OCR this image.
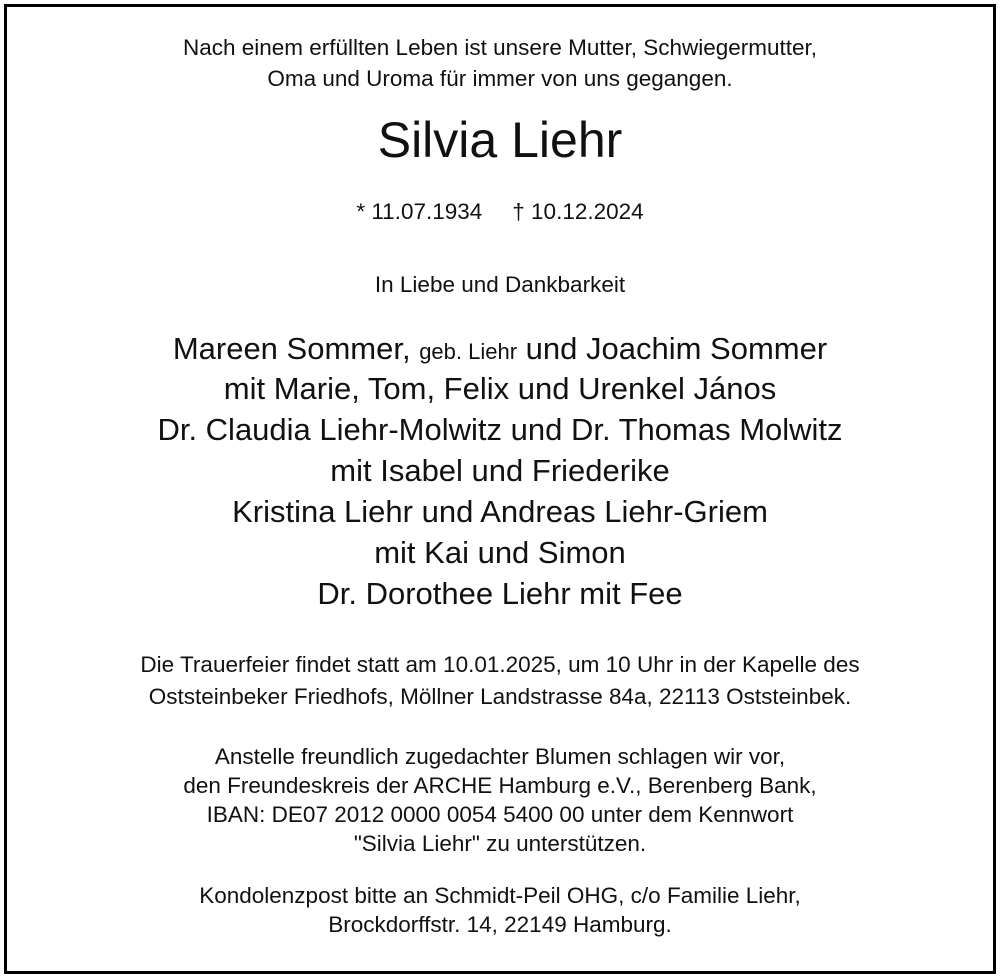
Nach einem erfüllten Leben ist unsere Mutter, Schwiegermutter,

Oma und Uroma für immer von uns gegangen.

Silvia Liehr

* 11.07.1934 † 10.12.2024

In Liebe und Dankbarkeit

Mareen Sommer, geb. Liehr und Joachim Sommer

mit Marie, Tom, Felix und Urenkel János

Dr. Claudia Liehr-Molwitz und Dr. Thomas Molwitz

mit Isabel und Friederike

Kristina Liehr und Andreas Liehr-Griem

mit Kai und Simon

Dr. Dorothee Liehr mit Fee

Die Trauerfeier findet statt am 10.01.2025, um 10 Uhr in der Kapelle des

Oststeinbeker Friedhofs, Möllner Landstrasse 84a, 22113 Oststeinbek.

Anstelle freundlich zugedachter Blumen schlagen wir vor,

den Freundeskreis der ARCHE Hamburg e.V., Berenberg Bank,

IBAN: DE07 2012 0000 0054 5400 00 unter dem Kennwort

"Silvia Liehr" zu unterstützen.

Kondolenzpost bitte an Schmidt-Peil OHG, c/o Familie Liehr,

Brockdorffstr. 14, 22149 Hamburg.
